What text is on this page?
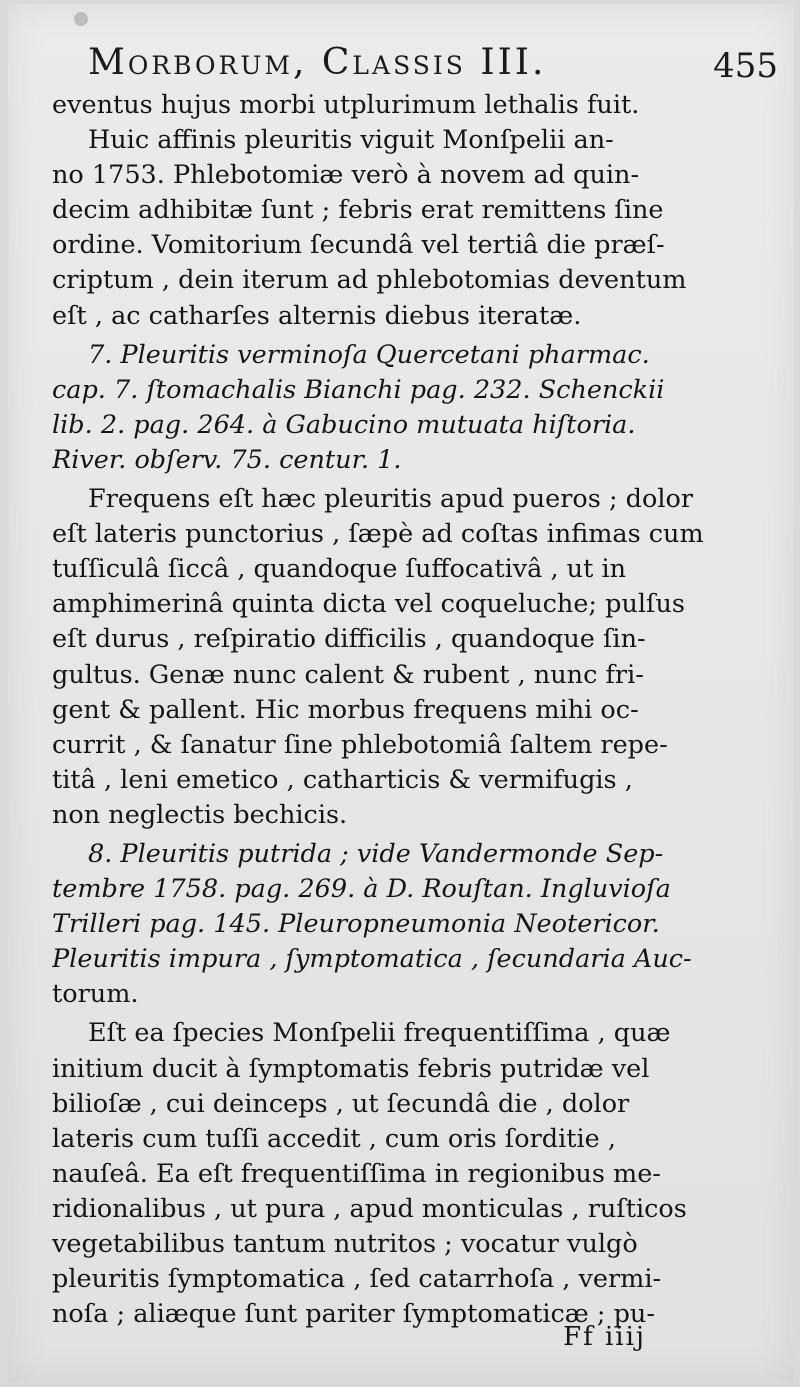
Morborum, Classis III.	455
eventus hujus morbi utplurimum lethalis fuit.
Huic affinis pleuritis viguit Monſpelii an-
no 1753. Phlebotomiæ verò à novem ad quin-
decim adhibitæ ſunt ; febris erat remittens ſine
ordine. Vomitorium ſecundâ vel tertiâ die præſ-
criptum , dein iterum ad phlebotomias deventum
eſt , ac catharſes alternis diebus iteratæ.
7. Pleuritis verminoſa Quercetani pharmac.
cap. 7. ſtomachalis Bianchi pag. 232. Schenckii
lib. 2. pag. 264. à Gabucino mutuata hiſtoria.
River. obſerv. 75. centur. 1.
Frequens eſt hæc pleuritis apud pueros ; dolor
eſt lateris punctorius , ſæpè ad coſtas infimas cum
tuſſiculâ ſiccâ , quandoque ſuffocativâ , ut in
amphimerinâ quinta dicta vel coqueluche; pulſus
eſt durus , reſpiratio difficilis , quandoque ſin-
gultus. Genæ nunc calent & rubent , nunc fri-
gent & pallent. Hic morbus frequens mihi oc-
currit , & ſanatur ſine phlebotomiâ ſaltem repe-
titâ , leni emetico , catharticis & vermifugis ,
non neglectis bechicis.
8. Pleuritis putrida ; vide Vandermonde Sep-
tembre 1758. pag. 269. à D. Rouſtan. Ingluvioſa
Trilleri pag. 145. Pleuropneumonia Neotericor.
Pleuritis impura , ſymptomatica , ſecundaria Auc-
torum.
Eſt ea ſpecies Monſpelii frequentiſſima , quæ
initium ducit à ſymptomatis febris putridæ vel
bilioſæ , cui deinceps , ut ſecundâ die , dolor
lateris cum tuſſi accedit , cum oris ſorditie ,
nauſeâ. Ea eſt frequentiſſima in regionibus me-
ridionalibus , ut pura , apud monticulas , ruſticos
vegetabilibus tantum nutritos ; vocatur vulgò
pleuritis ſymptomatica , ſed catarrhoſa , vermi-
noſa ; aliæque ſunt pariter ſymptomaticæ ; pu-
Ff iiij
